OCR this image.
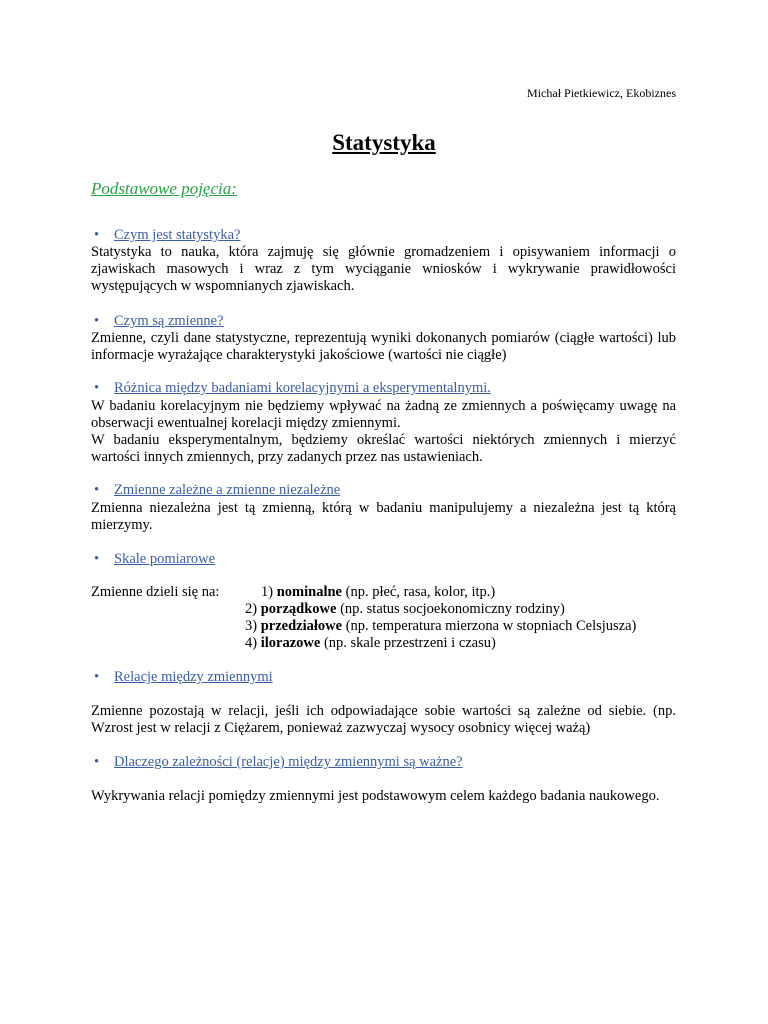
Michał Pietkiewicz, Ekobiznes
Statystyka
Podstawowe pojęcia:
• Czym jest statystyka?
Statystyka to nauka, która zajmuję się głównie gromadzeniem i opisywaniem informacji o zjawiskach masowych i wraz z tym wyciąganie wniosków i wykrywanie prawidłowości występujących w wspomnianych zjawiskach.
• Czym są zmienne?
Zmienne, czyli dane statystyczne, reprezentują wyniki dokonanych pomiarów (ciągłe wartości) lub informacje wyrażające charakterystyki jakościowe (wartości nie ciągłe)
• Różnica między badaniami korelacyjnymi a eksperymentalnymi.
W badaniu korelacyjnym nie będziemy wpływać na żadną ze zmiennych a poświęcamy uwagę na obserwacji ewentualnej korelacji między zmiennymi.
W badaniu eksperymentalnym, będziemy określać wartości niektórych zmiennych i mierzyć wartości innych zmiennych, przy zadanych przez nas ustawieniach.
• Zmienne zależne a zmienne niezależne
Zmienna niezależna jest tą zmienną, którą w badaniu manipulujemy a niezależna jest tą którą mierzymy.
• Skale pomiarowe
Zmienne dzieli się na:	1) nominalne (np. płeć, rasa, kolor, itp.)
2) porządkowe (np. status socjoekonomiczny rodziny)
3) przedziałowe (np. temperatura mierzona w stopniach Celsjusza)
4) ilorazowe (np. skale przestrzeni i czasu)
• Relacje między zmiennymi
Zmienne pozostają w relacji, jeśli ich odpowiadające sobie wartości są zależne od siebie. (np. Wzrost jest w relacji z Ciężarem, ponieważ zazwyczaj wysocy osobnicy więcej ważą)
• Dlaczego zależności (relacje) między zmiennymi są ważne?
Wykrywania relacji pomiędzy zmiennymi jest podstawowym celem każdego badania naukowego.
